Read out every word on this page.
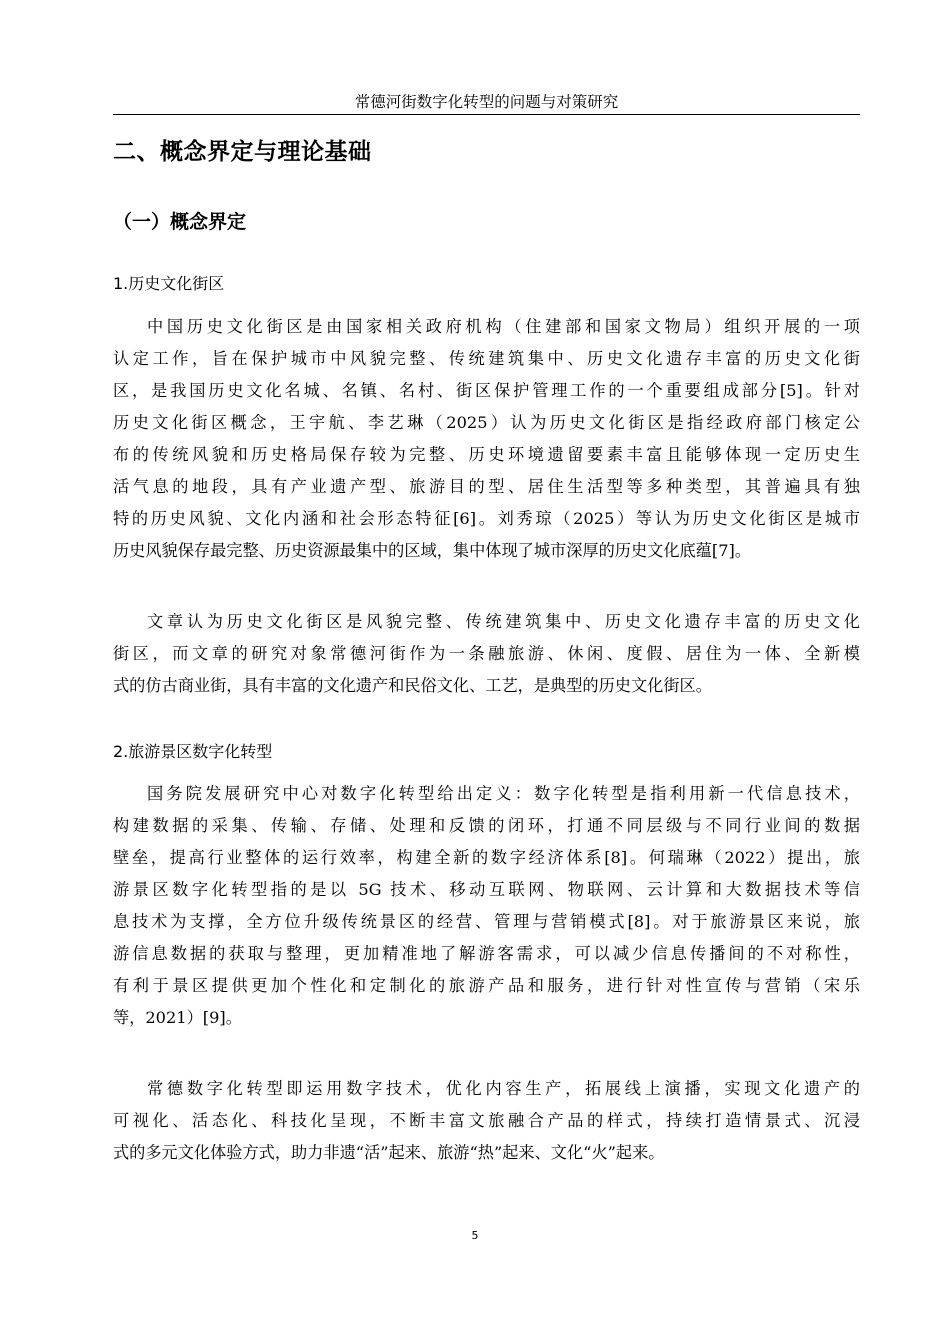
常德河街数字化转型的问题与对策研究
二、概念界定与理论基础
（一）概念界定
1.历史文化街区
中国历史文化街区是由国家相关政府机构（住建部和国家文物局）组织开展的一项
认定工作，旨在保护城市中风貌完整、传统建筑集中、历史文化遗存丰富的历史文化街
区，是我国历史文化名城、名镇、名村、街区保护管理工作的一个重要组成部分[5]。针对
历史文化街区概念，王宇航、李艺琳（2025）认为历史文化街区是指经政府部门核定公
布的传统风貌和历史格局保存较为完整、历史环境遗留要素丰富且能够体现一定历史生
活气息的地段，具有产业遗产型、旅游目的型、居住生活型等多种类型，其普遍具有独
特的历史风貌、文化内涵和社会形态特征[6]。刘秀琼（2025）等认为历史文化街区是城市
历史风貌保存最完整、历史资源最集中的区域，集中体现了城市深厚的历史文化底蕴[7]。
文章认为历史文化街区是风貌完整、传统建筑集中、历史文化遗存丰富的历史文化
街区，而文章的研究对象常德河街作为一条融旅游、休闲、度假、居住为一体、全新模
式的仿古商业街，具有丰富的文化遗产和民俗文化、工艺，是典型的历史文化街区。
2.旅游景区数字化转型
国务院发展研究中心对数字化转型给出定义：数字化转型是指利用新一代信息技术，
构建数据的采集、传输、存储、处理和反馈的闭环，打通不同层级与不同行业间的数据
壁垒，提高行业整体的运行效率，构建全新的数字经济体系[8]。何瑞琳（2022）提出，旅
游景区数字化转型指的是以 5G 技术、移动互联网、物联网、云计算和大数据技术等信
息技术为支撑，全方位升级传统景区的经营、管理与营销模式[8]。对于旅游景区来说，旅
游信息数据的获取与整理，更加精准地了解游客需求，可以减少信息传播间的不对称性，
有利于景区提供更加个性化和定制化的旅游产品和服务，进行针对性宣传与营销（宋乐
等，2021）[9]。
常德数字化转型即运用数字技术，优化内容生产，拓展线上演播，实现文化遗产的
可视化、活态化、科技化呈现，不断丰富文旅融合产品的样式，持续打造情景式、沉浸
式的多元文化体验方式，助力非遗“活”起来、旅游“热”起来、文化“火”起来。
5
